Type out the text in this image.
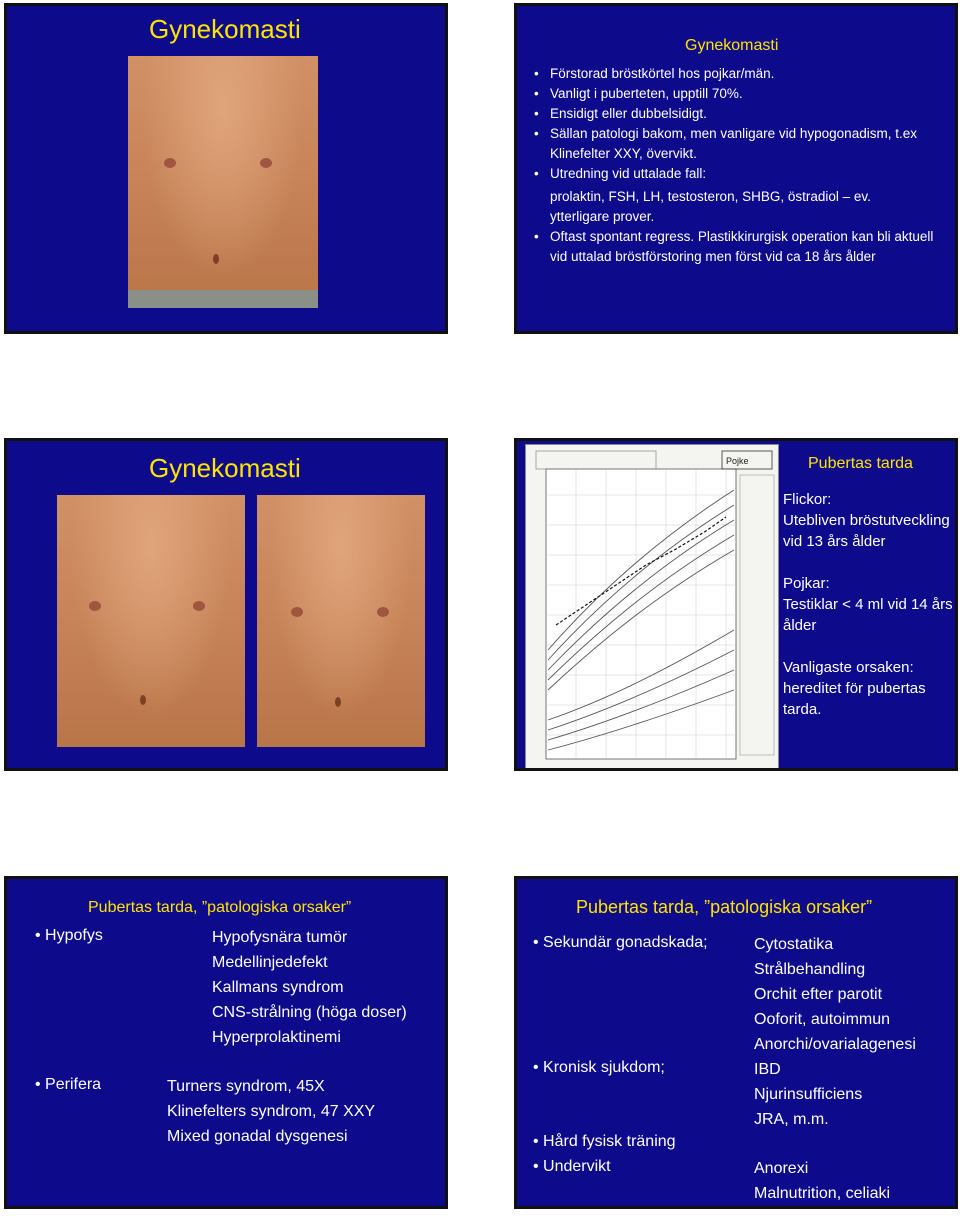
Gynekomasti
Gynekomasti
• Förstorad bröstkörtel hos pojkar/män.
• Vanligt i puberteten, upptill 70%.
• Ensidigt eller dubbelsidigt.
• Sällan patologi bakom, men vanligare vid hypogonadism, t.ex Klinefelter XXY, övervikt.
• Utredning vid uttalade fall:
prolaktin, FSH, LH, testosteron, SHBG, östradiol – ev. ytterligare prover.
• Oftast spontant regress. Plastikkirurgisk operation kan bli aktuell vid uttalad bröstförstoring men först vid ca 18 års ålder
Gynekomasti	Pojke	Pubertas tarda
Flickor:
Utebliven bröstutveckling vid 13 års ålder
Pojkar:
Testiklar < 4 ml vid 14 års ålder
Vanligaste orsaken: hereditet för pubertas tarda.
Pubertas tarda, ”patologiska orsaker”
• Hypofys	Hypofysnära tumör
Medellinjedefekt
Kallmans syndrom
CNS-strålning (höga doser)
Hyperprolaktinemi
• Perifera	Turners syndrom, 45X
Klinefelters syndrom, 47 XXY
Mixed gonadal dysgenesi
Pubertas tarda, ”patologiska orsaker”
• Sekundär gonadskada;	Cytostatika
Strålbehandling
Orchit efter parotit
Ooforit, autoimmun
Anorchi/ovarialagenesi
• Kronisk sjukdom;	IBD
Njurinsufficiens
JRA, m.m.
• Hård fysisk träning
• Undervikt	Anorexi
Malnutrition, celiaki
